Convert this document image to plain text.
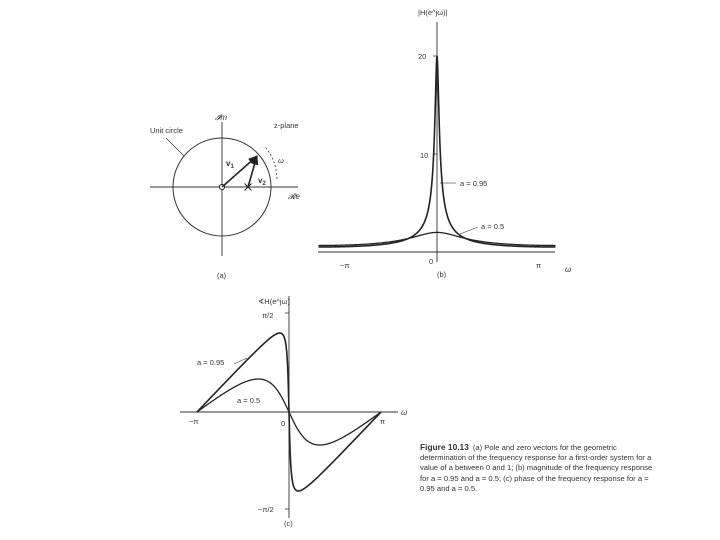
𝓘m
𝓡e
z-plane
Unit circle
$v_1$
$v_2$
ω
(a)
|H(e^jω)|
20
10
−π	0	π	ω
a = 0.95
a = 0.5
(b)
∢H(e^jω)
π/2
−π/2
−π	0	π
ω
a = 0.95
a = 0.5
(c)
Figure 10.13 (a) Pole and zero vectors for the geometric determination of the frequency response for a first-order system for a value of a between 0 and 1; (b) magnitude of the frequency response for a = 0.95 and a = 0.5; (c) phase of the frequency response for a = 0.95 and a = 0.5.
